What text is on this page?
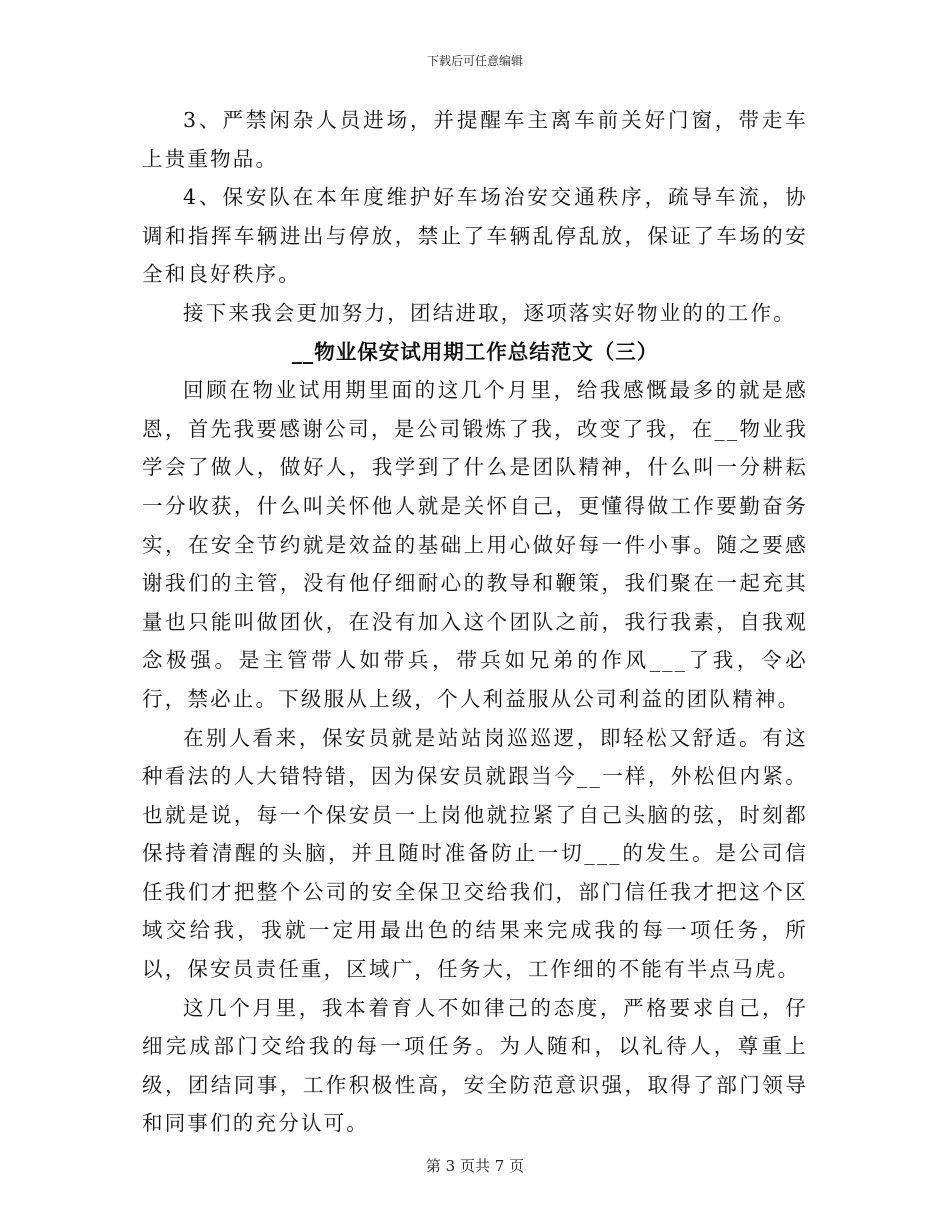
下载后可任意编辑

3、严禁闲杂人员进场，并提醒车主离车前关好门窗，带走车上贵重物品。

4、保安队在本年度维护好车场治安交通秩序，疏导车流，协调和指挥车辆进出与停放，禁止了车辆乱停乱放，保证了车场的安全和良好秩序。

接下来我会更加努力，团结进取，逐项落实好物业的的工作。

__物业保安试用期工作总结范文（三）

回顾在物业试用期里面的这几个月里，给我感慨最多的就是感恩，首先我要感谢公司，是公司锻炼了我，改变了我，在__物业我学会了做人，做好人，我学到了什么是团队精神，什么叫一分耕耘一分收获，什么叫关怀他人就是关怀自己，更懂得做工作要勤奋务实，在安全节约就是效益的基础上用心做好每一件小事。随之要感谢我们的主管，没有他仔细耐心的教导和鞭策，我们聚在一起充其量也只能叫做团伙，在没有加入这个团队之前，我行我素，自我观念极强。是主管带人如带兵，带兵如兄弟的作风___了我，令必行，禁必止。下级服从上级，个人利益服从公司利益的团队精神。

在别人看来，保安员就是站站岗巡巡逻，即轻松又舒适。有这种看法的人大错特错，因为保安员就跟当今__一样，外松但内紧。也就是说，每一个保安员一上岗他就拉紧了自己头脑的弦，时刻都保持着清醒的头脑，并且随时准备防止一切___的发生。是公司信任我们才把整个公司的安全保卫交给我们，部门信任我才把这个区域交给我，我就一定用最出色的结果来完成我的每一项任务，所以，保安员责任重，区域广，任务大，工作细的不能有半点马虎。

这几个月里，我本着育人不如律己的态度，严格要求自己，仔细完成部门交给我的每一项任务。为人随和，以礼待人，尊重上级，团结同事，工作积极性高，安全防范意识强，取得了部门领导和同事们的充分认可。

第 3 页共 7 页
